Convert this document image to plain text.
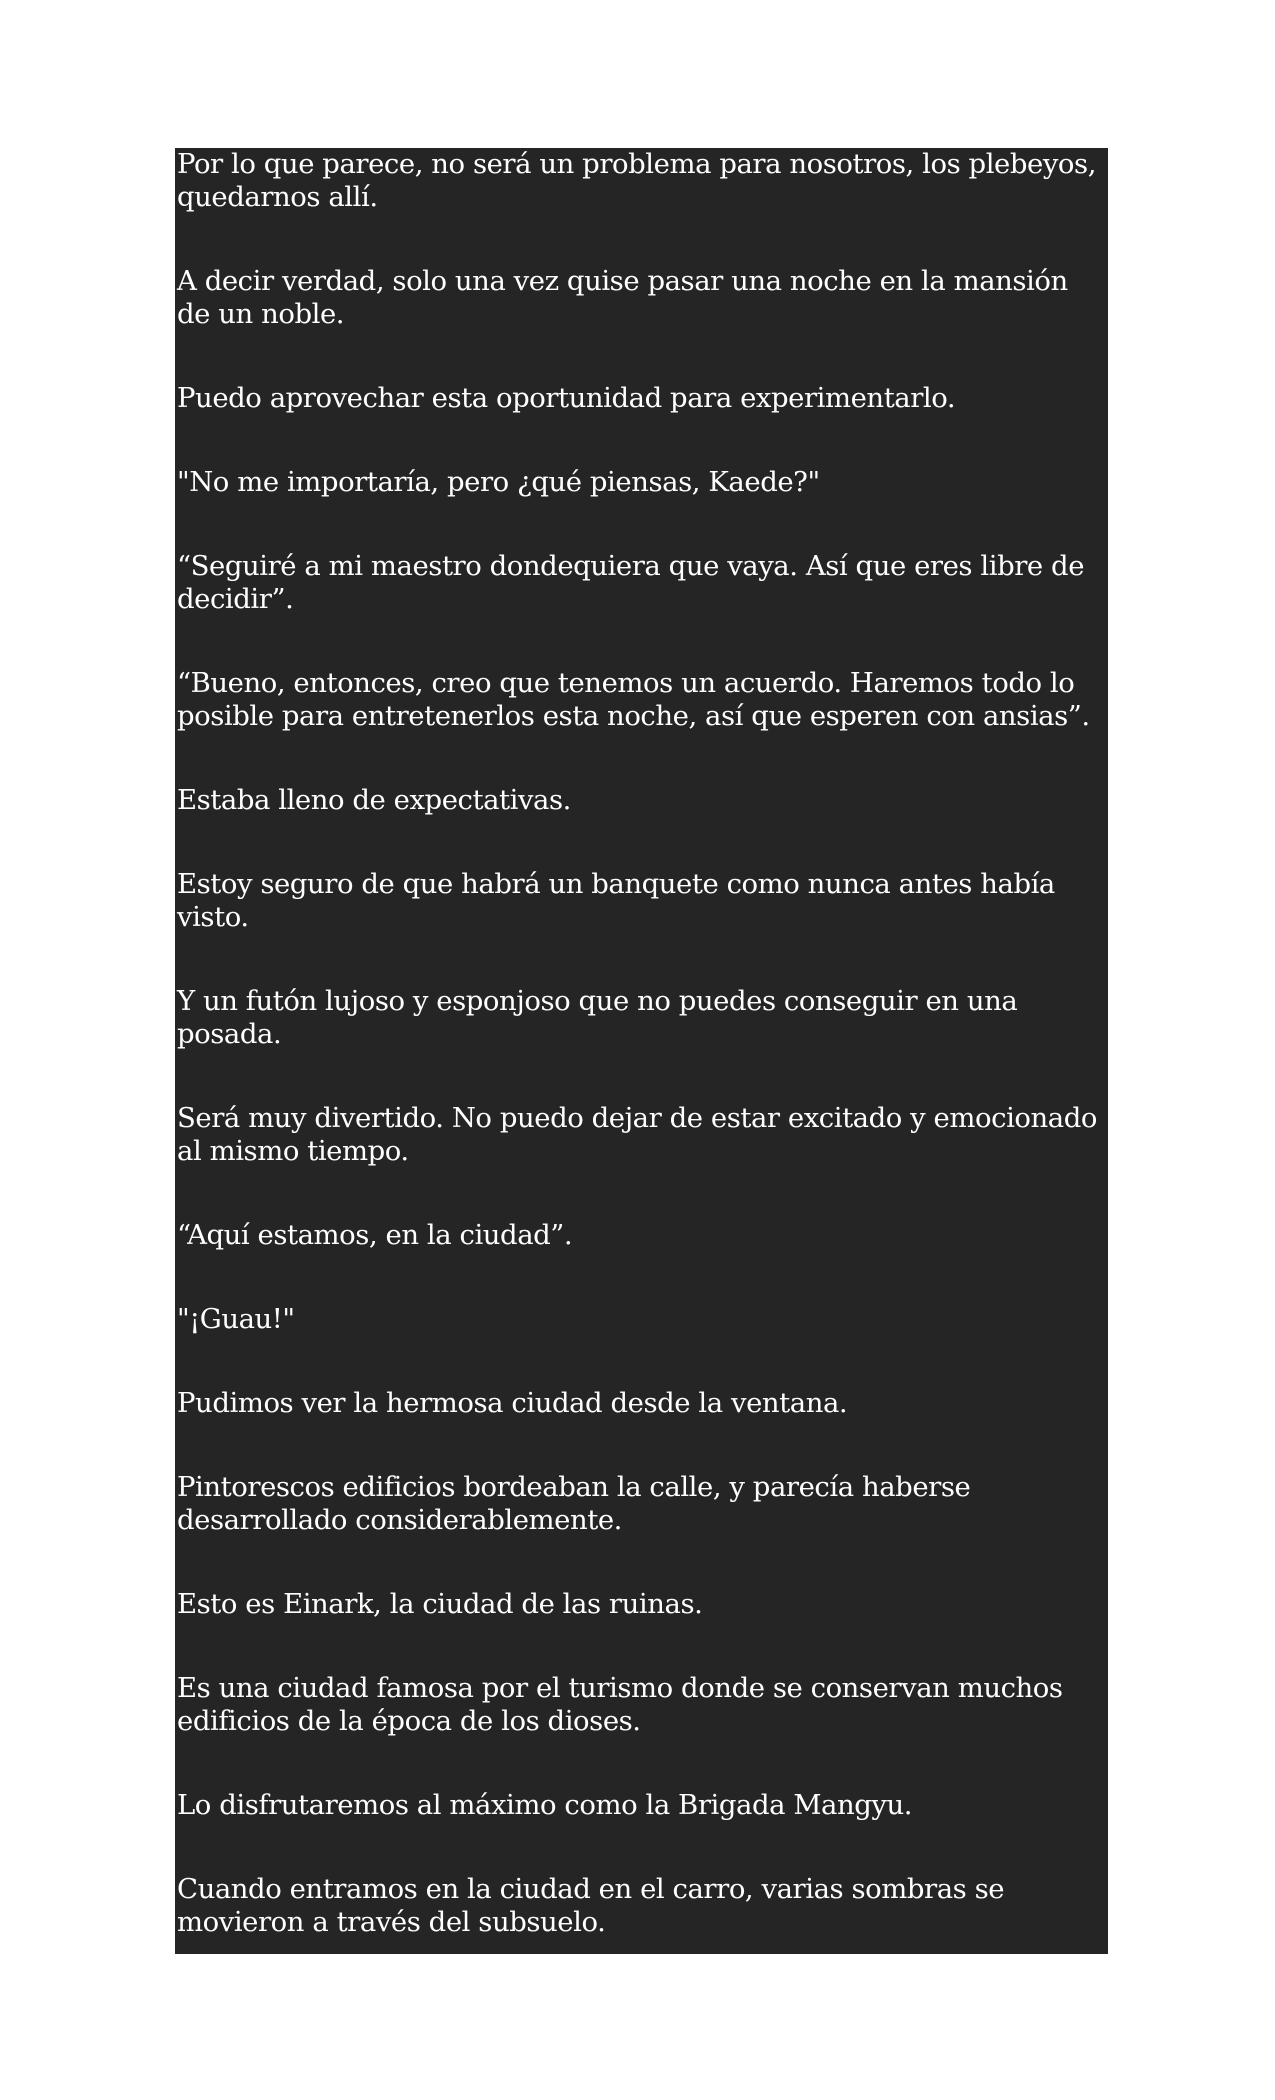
Por lo que parece, no será un problema para nosotros, los plebeyos, quedarnos allí.

A decir verdad, solo una vez quise pasar una noche en la mansión de un noble.

Puedo aprovechar esta oportunidad para experimentarlo.

"No me importaría, pero ¿qué piensas, Kaede?"

“Seguiré a mi maestro dondequiera que vaya. Así que eres libre de decidir”.

“Bueno, entonces, creo que tenemos un acuerdo. Haremos todo lo posible para entretenerlos esta noche, así que esperen con ansias”.

Estaba lleno de expectativas.

Estoy seguro de que habrá un banquete como nunca antes había visto.

Y un futón lujoso y esponjoso que no puedes conseguir en una posada.

Será muy divertido. No puedo dejar de estar excitado y emocionado al mismo tiempo.

“Aquí estamos, en la ciudad”.

"¡Guau!"

Pudimos ver la hermosa ciudad desde la ventana.

Pintorescos edificios bordeaban la calle, y parecía haberse desarrollado considerablemente.

Esto es Einark, la ciudad de las ruinas.

Es una ciudad famosa por el turismo donde se conservan muchos edificios de la época de los dioses.

Lo disfrutaremos al máximo como la Brigada Mangyu.

Cuando entramos en la ciudad en el carro, varias sombras se movieron a través del subsuelo.

Eran demonios con intenciones maliciosas.
